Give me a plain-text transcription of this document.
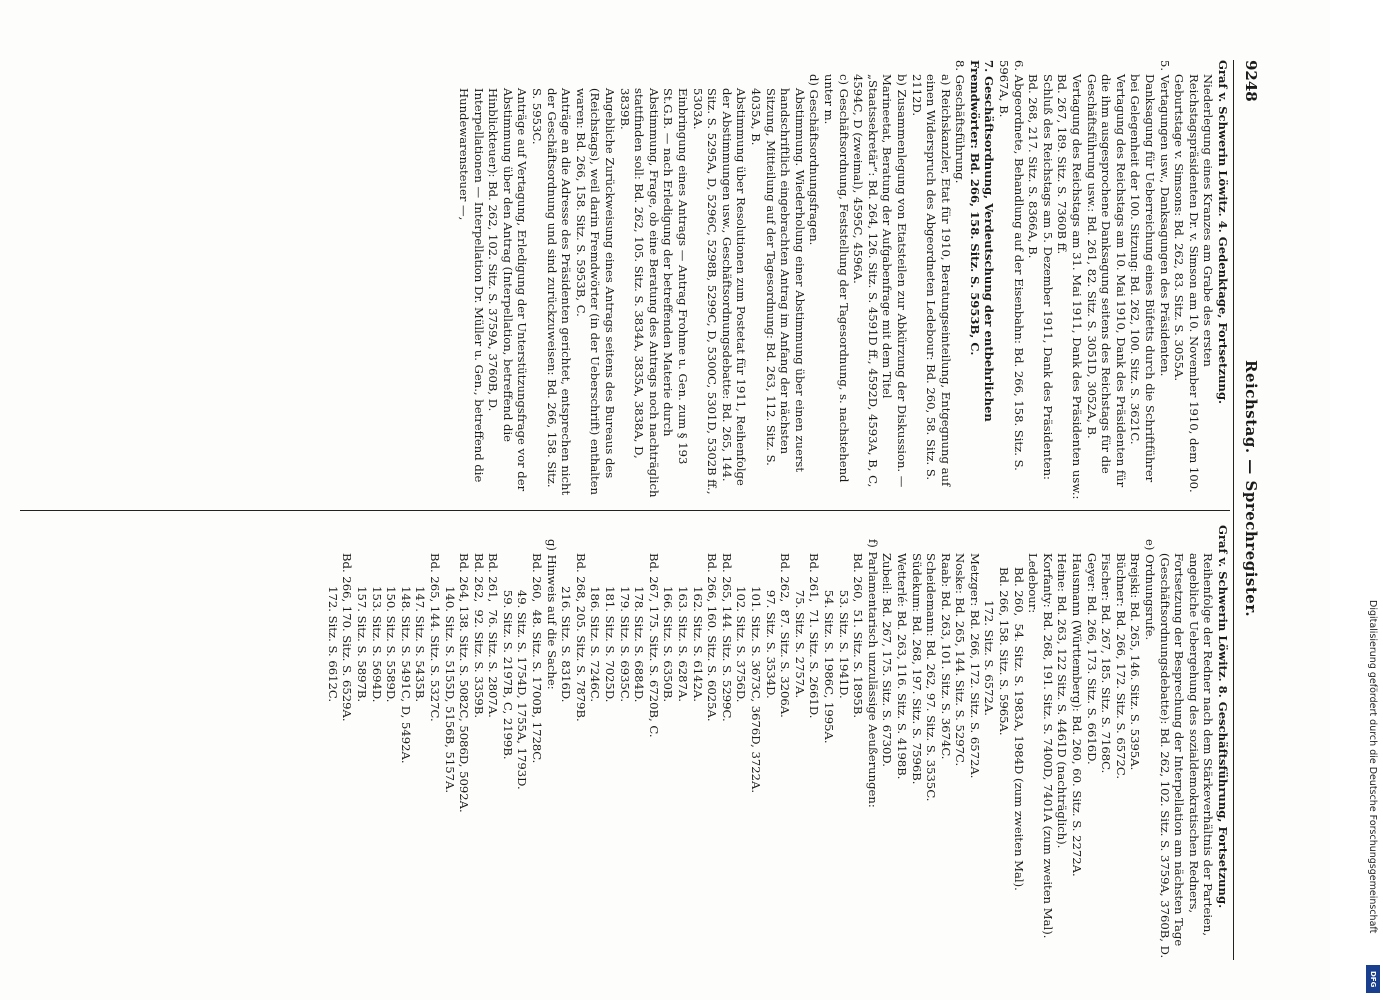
9248
Reichstag. — Sprechregister.

Graf v. Schwerin Löwitz. 4. Gedenktage, Fortsetzung.

Niederlegung eines Kranzes am Grabe des ersten Reichstagspräsidenten Dr. v. Simson am 10. November 1910, dem 100. Geburtstage v. Simsons: Bd. 262, 83. Sitz. S. 3055A.

5. Vertagungen usw., Danksagungen des Präsidenten.

Danksagung für Ueberreichung eines Büfetts durch die Schriftführer bei Gelegenheit der 100. Sitzung: Bd. 262, 100. Sitz. S. 3621C.

Vertagung des Reichstags am 10. Mai 1910, Dank des Präsidenten für die ihm ausgesprochene Danksagung seitens des Reichstags für die Geschäftsführung usw.: Bd. 261, 82. Sitz. S. 3051D, 3052A, B.

Vertagung des Reichstags am 31. Mai 1911, Dank des Präsidenten usw.: Bd. 267, 189. Sitz. S. 7360B ff.

Schluß des Reichstags am 5. Dezember 1911, Dank des Präsidenten: Bd. 268, 217. Sitz. S. 8366A, B.

6. Abgeordnete, Behandlung auf der Eisenbahn: Bd. 266, 158. Sitz. S. 5967A, B.

7. Geschäftsordnung, Verdeutschung der entbehrlichen Fremdwörter: Bd. 266, 158. Sitz. S. 5953B, C.

8. Geschäftsführung.

a) Reichskanzler, Etat für 1910, Beratungseinteilung, Entgegnung auf einen Widerspruch des Abgeordneten Ledebour: Bd. 260, 58. Sitz. S. 2112D.

b) Zusammenlegung von Etatsteilen zur Abkürzung der Diskussion. — Marineetat, Beratung der Aufgabenfrage mit dem Titel „Staatssekretär“: Bd. 264, 126. Sitz. S. 4591D ff., 4592D, 4593A, B, C, 4594C, D (zweimal), 4595C, 4596A.

c) Geschäftsordnung, Feststellung der Tagesordnung, s. nachstehend unter m.

d) Geschäftsordnungsfragen.

Abstimmung. Wiederholung einer Abstimmung über einen zuerst handschriftlich eingebrachten Antrag im Anfang der nächsten Sitzung, Mitteilung auf der Tagesordnung: Bd. 263, 112. Sitz. S. 4035A, B.

Abstimmung über Resolutionen zum Postetat für 1911, Reihenfolge der Abstimmungen usw., Geschäftsordnungsdebatte: Bd. 265, 144. Sitz. S. 5295A, D, 5296C, 5298B, 5299C, D, 5300C, 5301D, 5302B ff., 5303A.

Einbringung eines Antrags — Antrag Frohme u. Gen. zum § 193 St.G.B. — nach Erledigung der betreffenden Materie durch Abstimmung, Frage, ob eine Beratung des Antrags noch nachträglich stattfinden soll: Bd. 262, 105. Sitz. S. 3834A, 3835A, 3838A, D, 3839B.

Angebliche Zurückweisung eines Antrags seitens des Bureaus des (Reichstags), weil darin Fremdwörter (in der Ueberschrift) enthalten waren: Bd. 266, 158. Sitz. S. 5953B, C.

Anträge an die Adresse des Präsidenten gerichtet, entsprechen nicht der Geschäftsordnung und sind zurückzuweisen: Bd. 266, 158. Sitz. S. 5953C.

Anträge auf Vertagung, Erledigung der Unterstützungsfrage vor der Abstimmung über den Antrag (Interpellation, betreffend die Hinblickteuer): Bd. 262, 102. Sitz. S. 3759A, 3760B, D.

Interpellationen — Interpellation Dr. Müller u. Gen., betreffend die Hundewarensteuer —,

Graf v. Schwerin Löwitz. 8. Geschäftsführung, Fortsetzung.

Reihenfolge der Redner nach dem Stärkeverhältnis der Parteien, angebliche Uebergehung des sozialdemokratischen Redners, Fortsetzung der Besprechung der Interpellation am nächsten Tage (Geschäftsordnungsdebatte): Bd. 262, 102. Sitz. S. 3759A, 3760B, D.

e) Ordnungsrufe.

Brejski: Bd. 265, 146. Sitz. S. 5395A.

Büchner: Bd. 266, 172. Sitz. S. 6572C.

Fischer: Bd. 267, 185. Sitz. S. 7168C.

Geyer: Bd. 266, 173. Sitz. S. 6616D.

Hausmann (Württemberg): Bd. 260, 60. Sitz. S. 2272A.

Heine: Bd. 263, 122 Sitz. S. 4461D (nachträglich).

Korfanty: Bd. 268, 191. Sitz. S. 7400D, 7401A (zum zweiten Mal).

Ledebour:

Bd. 260,  54. Sitz. S. 1983A, 1984D (zum zweiten Mal).

Bd. 266, 158. Sitz. S. 5965A.

172. Sitz. S. 6572A.

Metzger: Bd. 266, 172. Sitz. S. 6572A.

Noske: Bd. 265, 144. Sitz. S. 5297C.

Raab: Bd. 263, 101. Sitz. S. 3674C.

Scheidemann: Bd. 262, 97. Sitz. S. 3535C.

Südekum: Bd. 268, 197. Sitz. S. 7596B.

Wetterlé: Bd. 263, 116. Sitz. S. 4198B.

Zubeil: Bd. 267, 175. Sitz. S. 6730D.

f) Parlamentarisch unzulässige Aeußerungen:

Bd. 260,  51. Sitz. S. 1895B.

53. Sitz. S. 1941D.

54. Sitz. S. 1986C, 1995A.

Bd. 261,  71. Sitz. S. 2661D.

75. Sitz. S. 2757A.

Bd. 262,  87. Sitz. S. 3206A.

97. Sitz. S. 3534D.

101. Sitz. S. 3673C, 3676D, 3722A.

102. Sitz. S. 3756D.

Bd. 265, 144. Sitz. S. 5299C.

Bd. 266, 160. Sitz. S. 6025A.

162. Sitz. S. 6142A.

163. Sitz. S. 6287A.

166. Sitz. S. 6350B.

Bd. 267, 175. Sitz. S. 6720B, C.

178. Sitz. S. 6884D.

179. Sitz. S. 6935C.

181. Sitz. S. 7025D.

186. Sitz. S. 7246C.

Bd. 268, 205. Sitz. S. 7879B.

216. Sitz. S. 8316D.

g) Hinweis auf die Sache:

Bd. 260,  48. Sitz. S. 1700B, 1728C.

49. Sitz. S. 1754D, 1755A, 1793D.

59. Sitz. S. 2197B, C, 2199B.

Bd. 261,  76. Sitz. S. 2807A.

Bd. 262,  92. Sitz. S. 3359B.

Bd. 264, 138. Sitz. S. 5082C, 5086D, 5092A.

140. Sitz. S. 5155D, 5156B, 5157A.

Bd. 265, 144. Sitz. S. 5327C.

147. Sitz. S. 5435B.

148. Sitz. S. 5491C, D, 5492A.

150. Sitz. S. 5589D.

153. Sitz. S. 5694D.

157. Sitz. S. 5897B.

Bd. 266, 170. Sitz. S. 6529A.

172. Sitz. S. 6612C.	Digitalisierung gefördert durch die Deutsche Forschungsgemeinschaft
DFG
